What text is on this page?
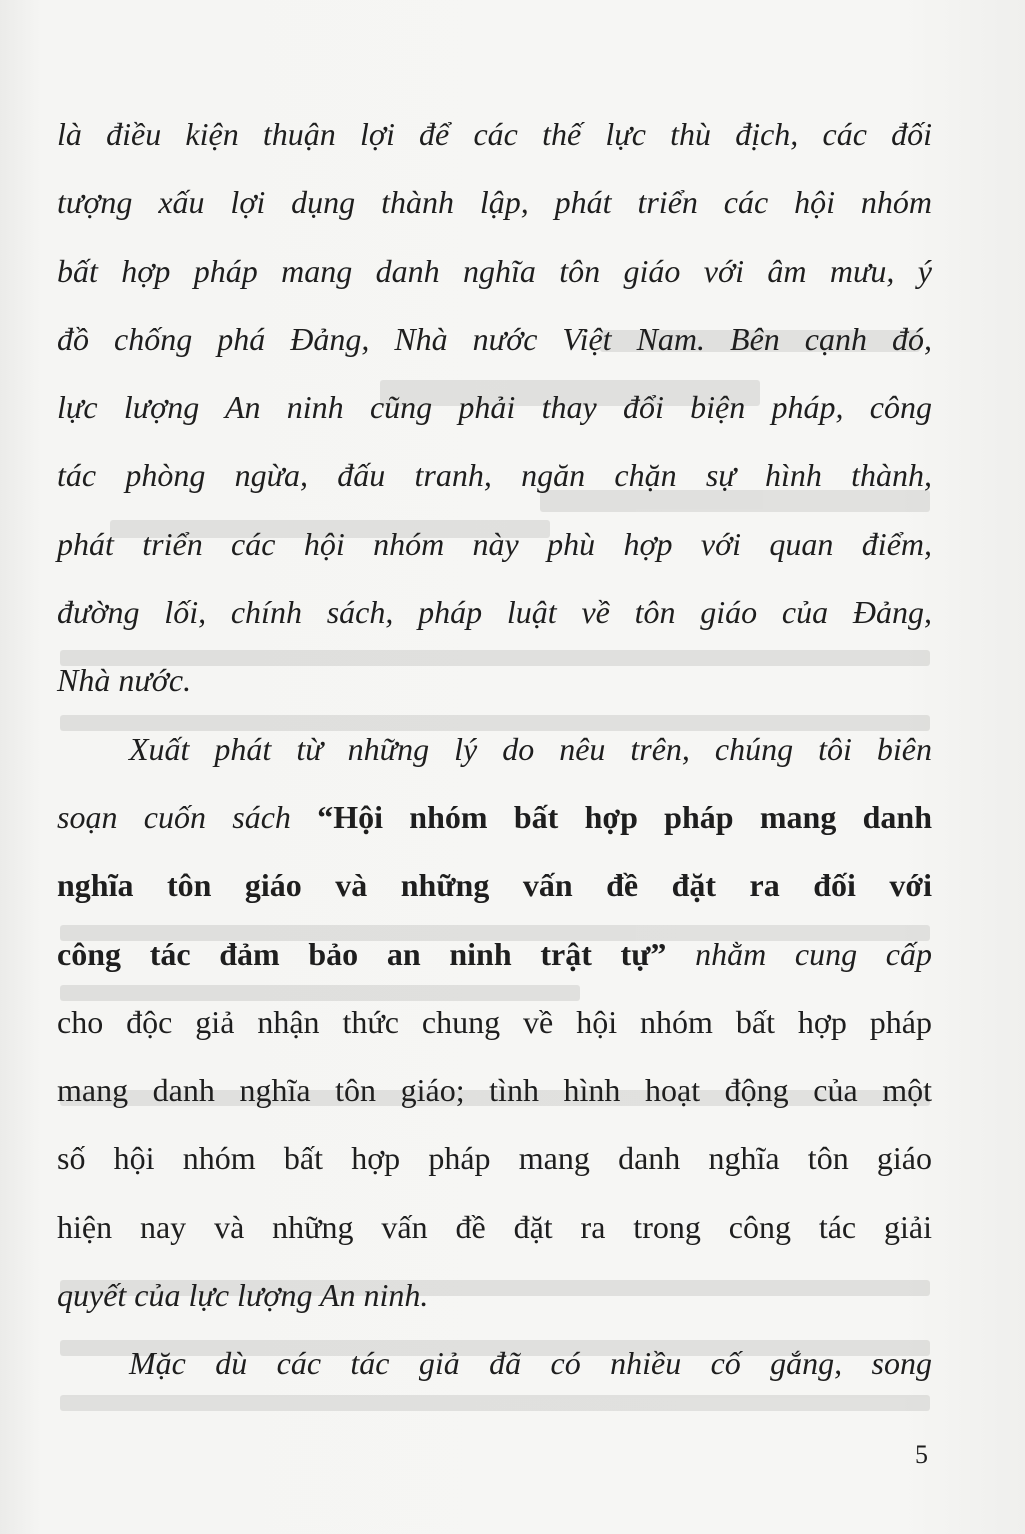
là điều kiện thuận lợi để các thế lực thù địch, các đối
tượng xấu lợi dụng thành lập, phát triển các hội nhóm
bất hợp pháp mang danh nghĩa tôn giáo với âm mưu, ý
đồ chống phá Đảng, Nhà nước Việt Nam. Bên cạnh đó,
lực lượng An ninh cũng phải thay đổi biện pháp, công
tác phòng ngừa, đấu tranh, ngăn chặn sự hình thành,
phát triển các hội nhóm này phù hợp với quan điểm,
đường lối, chính sách, pháp luật về tôn giáo của Đảng,
Nhà nước.
Xuất phát từ những lý do nêu trên, chúng tôi biên
soạn cuốn sách “Hội nhóm bất hợp pháp mang danh
nghĩa tôn giáo và những vấn đề đặt ra đối với
công tác đảm bảo an ninh trật tự” nhằm cung cấp
cho độc giả nhận thức chung về hội nhóm bất hợp pháp
mang danh nghĩa tôn giáo; tình hình hoạt động của một
số hội nhóm bất hợp pháp mang danh nghĩa tôn giáo
hiện nay và những vấn đề đặt ra trong công tác giải
quyết của lực lượng An ninh.
Mặc dù các tác giả đã có nhiều cố gắng, song
5
